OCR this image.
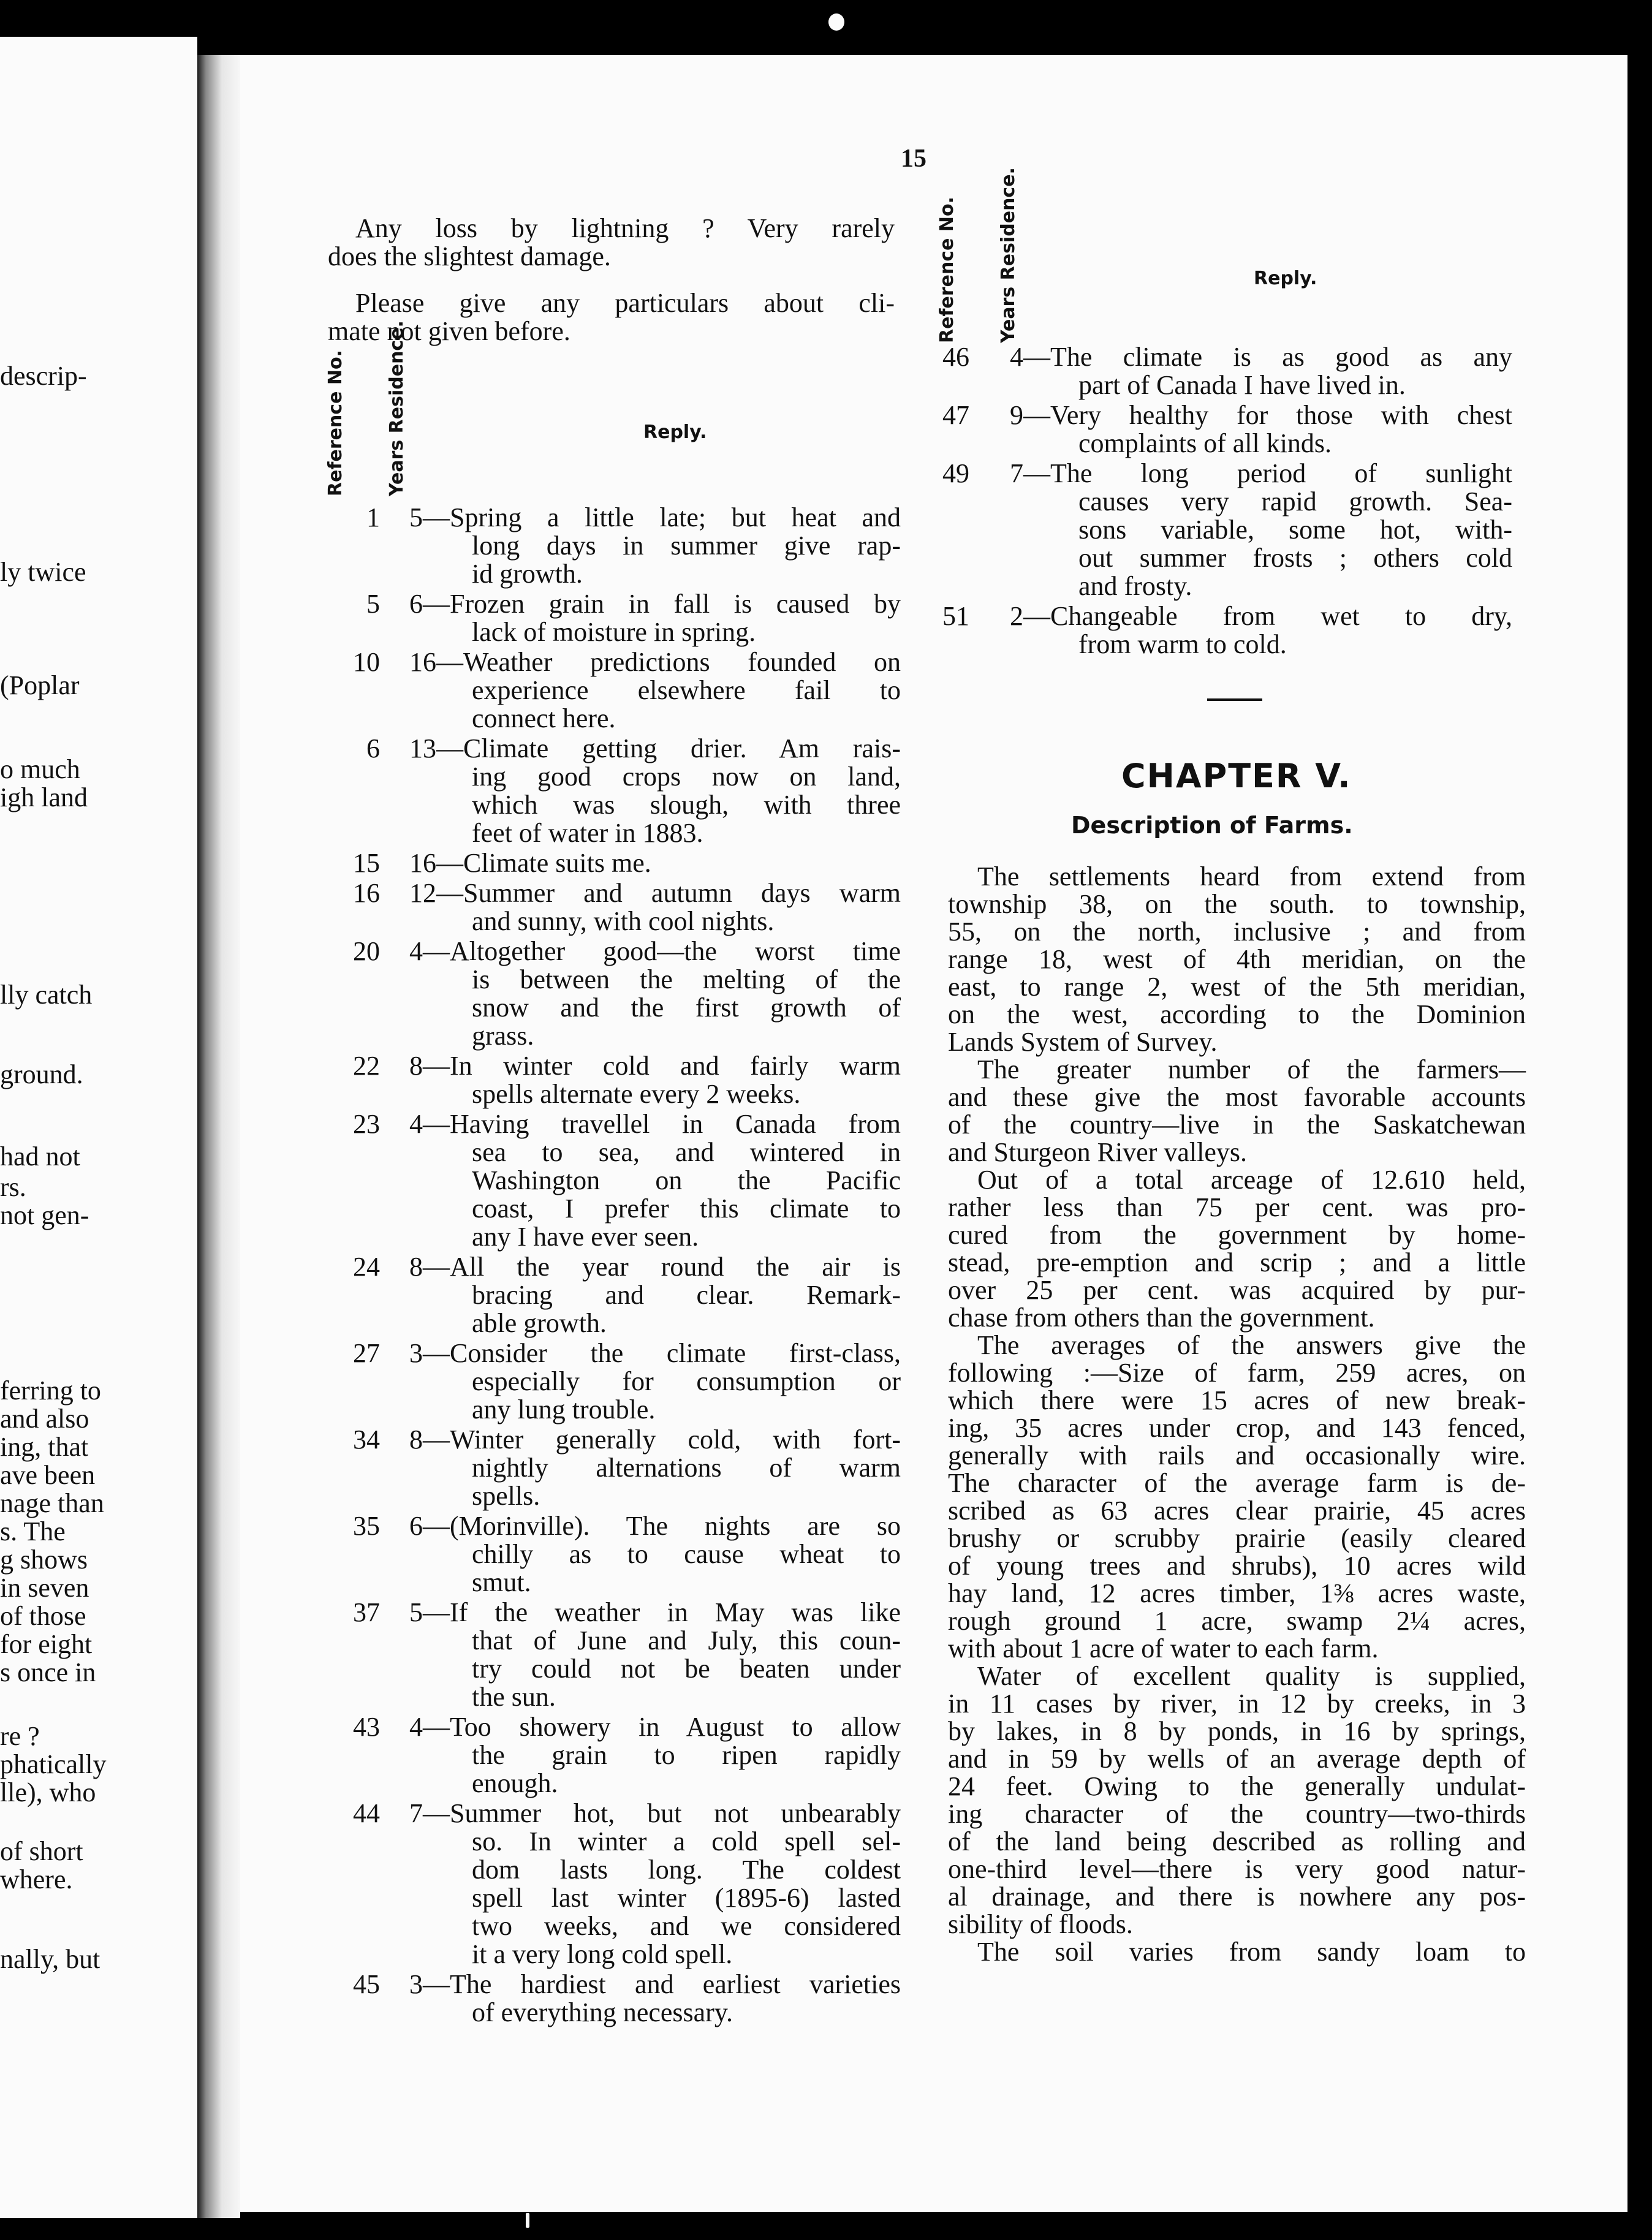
15
Any loss by lightning ? Very rarely
does the slightest damage.
Please give any particulars about cli-
mate not given before.
Reference No. Years Residence.	Reply.
Reference No. Years Residence.	Reply.
descrip-
ly twice
(Poplar
o much
igh land
lly catch
ground.
had not
rs.
not gen-
ferring to
and also
ing, that
ave been
nage than
s. The
g shows
in seven
of those
for eight
s once in
re ?
phatically
lle), who
of short
where.
nally, but
1 5—Spring a little late; but heat and
long days in summer give rap-
id growth.
5 6—Frozen grain in fall is caused by
lack of moisture in spring.
10 16—Weather predictions founded on
experience elsewhere fail to
connect here.
6 13—Climate getting drier. Am rais-
ing good crops now on land,
which was slough, with three
feet of water in 1883.
15 16—Climate suits me.
16 12—Summer and autumn days warm
and sunny, with cool nights.
20 4—Altogether good—the worst time
is between the melting of the
snow and the first growth of
grass.
22 8—In winter cold and fairly warm
spells alternate every 2 weeks.
23 4—Having travellel in Canada from
sea to sea, and wintered in
Washington on the Pacific
coast, I prefer this climate to
any I have ever seen.
24 8—All the year round the air is
bracing and clear. Remark-
able growth.
27 3—Consider the climate first-class,
especially for consumption or
any lung trouble.
34 8—Winter generally cold, with fort-
nightly alternations of warm
spells.
35 6—(Morinville). The nights are so
chilly as to cause wheat to
smut.
37 5—If the weather in May was like
that of June and July, this coun-
try could not be beaten under
the sun.
43 4—Too showery in August to allow
the grain to ripen rapidly
enough.
44 7—Summer hot, but not unbearably
so. In winter a cold spell sel-
dom lasts long. The coldest
spell last winter (1895-6) lasted
two weeks, and we considered
it a very long cold spell.
45 3—The hardiest and earliest varieties
of everything necessary.
46 4—The climate is as good as any
part of Canada I have lived in.
47 9—Very healthy for those with chest
complaints of all kinds.
49 7—The long period of sunlight
causes very rapid growth. Sea-
sons variable, some hot, with-
out summer frosts ; others cold
and frosty.
51 2—Changeable from wet to dry,
from warm to cold.
CHAPTER V.
Description of Farms.
The settlements heard from extend from
township 38, on the south. to township,
55, on the north, inclusive ; and from
range 18, west of 4th meridian, on the
east, to range 2, west of the 5th meridian,
on the west, according to the Dominion
Lands System of Survey.
The greater number of the farmers—
and these give the most favorable accounts
of the country—live in the Saskatchewan
and Sturgeon River valleys.
Out of a total arceage of 12.610 held,
rather less than 75 per cent. was pro-
cured from the government by home-
stead, pre-emption and scrip ; and a little
over 25 per cent. was acquired by pur-
chase from others than the government.
The averages of the answers give the
following :—Size of farm, 259 acres, on
which there were 15 acres of new break-
ing, 35 acres under crop, and 143 fenced,
generally with rails and occasionally wire.
The character of the average farm is de-
scribed as 63 acres clear prairie, 45 acres
brushy or scrubby prairie (easily cleared
of young trees and shrubs), 10 acres wild
hay land, 12 acres timber, 1⅜ acres waste,
rough ground 1 acre, swamp 2¼ acres,
with about 1 acre of water to each farm.
Water of excellent quality is supplied,
in 11 cases by river, in 12 by creeks, in 3
by lakes, in 8 by ponds, in 16 by springs,
and in 59 by wells of an average depth of
24 feet. Owing to the generally undulat-
ing character of the country—two-thirds
of the land being described as rolling and
one-third level—there is very good natur-
al drainage, and there is nowhere any pos-
sibility of floods.
The soil varies from sandy loam to
